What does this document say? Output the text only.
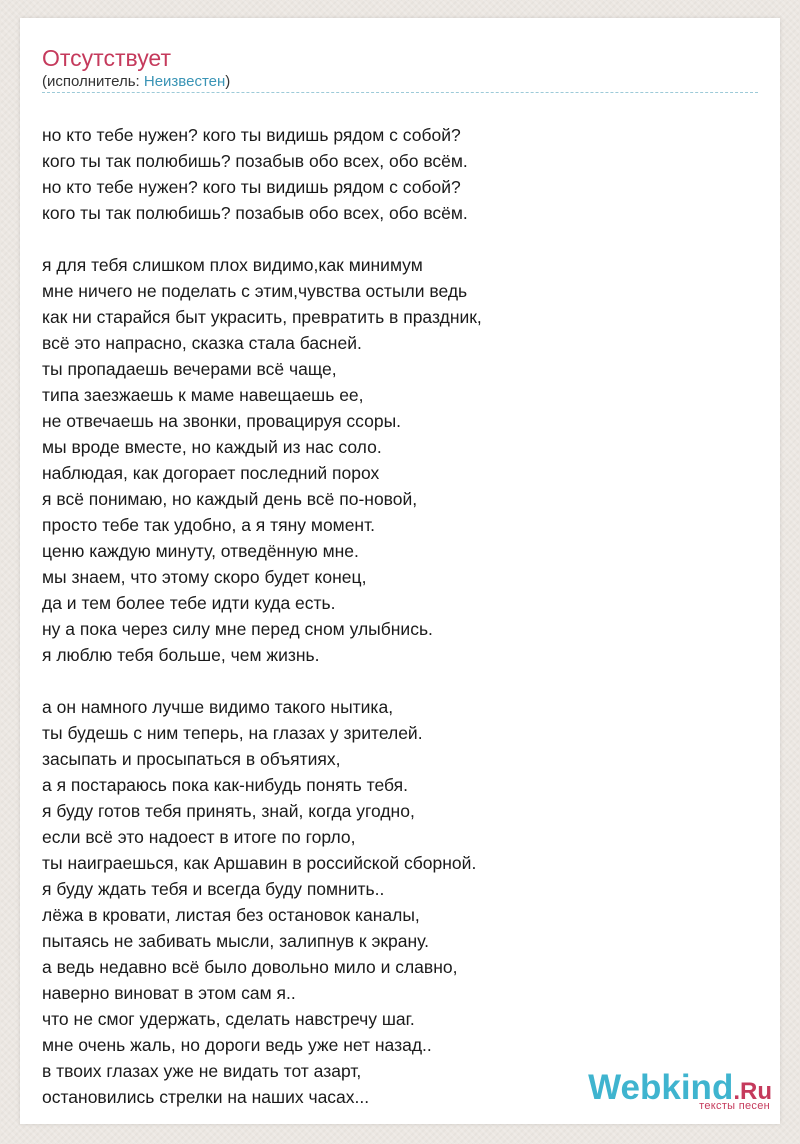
Отсутствует
(исполнитель: Неизвестен)
но кто тебе нужен? кого ты видишь рядом с собой?
кого ты так полюбишь? позабыв обо всех, обо всём.
но кто тебе нужен? кого ты видишь рядом с собой?
кого ты так полюбишь? позабыв обо всех, обо всём.
я для тебя слишком плох видимо,как минимум
мне ничего не поделать с этим,чувства остыли ведь
как ни старайся быт украсить, превратить в праздник,
всё это напрасно, сказка стала басней.
ты пропадаешь вечерами всё чаще,
типа заезжаешь к маме навещаешь ее,
не отвечаешь на звонки, провацируя ссоры.
мы вроде вместе, но каждый из нас соло.
наблюдая, как догорает последний порох
я всё понимаю, но каждый день всё по-новой,
просто тебе так удобно, а я тяну момент.
ценю каждую минуту, отведённую мне.
мы знаем, что этому скоро будет конец,
да и тем более тебе идти куда есть.
ну а пока через силу мне перед сном улыбнись.
я люблю тебя больше, чем жизнь.
а он намного лучше видимо такого нытика,
ты будешь с ним теперь, на глазах у зрителей.
засыпать и просыпаться в объятиях,
а я постараюсь пока как-нибудь понять тебя.
я буду готов тебя принять, знай, когда угодно,
если всё это надоест в итоге по горло,
ты наиграешься, как Аршавин в российской сборной.
я буду ждать тебя и всегда буду помнить..
лёжа в кровати, листая без остановок каналы,
пытаясь не забивать мысли, залипнув к экрану.
а ведь недавно всё было довольно мило и славно,
наверно виноват в этом сам я..
что не смог удержать, сделать навстречу шаг.
мне очень жаль, но дороги ведь уже нет назад..
в твоих глазах уже не видать тот азарт,
остановились стрелки на наших часах...	Webkind.Ru
тексты песен
